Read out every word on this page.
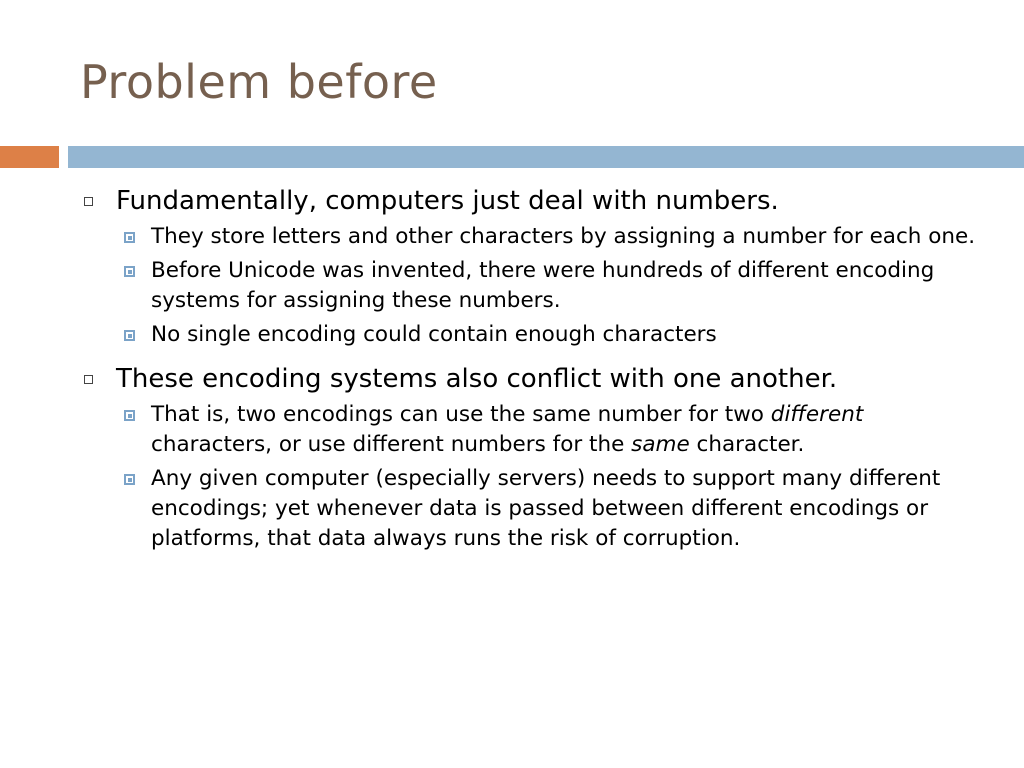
Problem before
Fundamentally, computers just deal with numbers.
They store letters and other characters by assigning a number for each one.
Before Unicode was invented, there were hundreds of different encoding systems for assigning these numbers.
No single encoding could contain enough characters
These encoding systems also conflict with one another.
That is, two encodings can use the same number for two different characters, or use different numbers for the same character.
Any given computer (especially servers) needs to support many different encodings; yet whenever data is passed between different encodings or platforms, that data always runs the risk of corruption.
